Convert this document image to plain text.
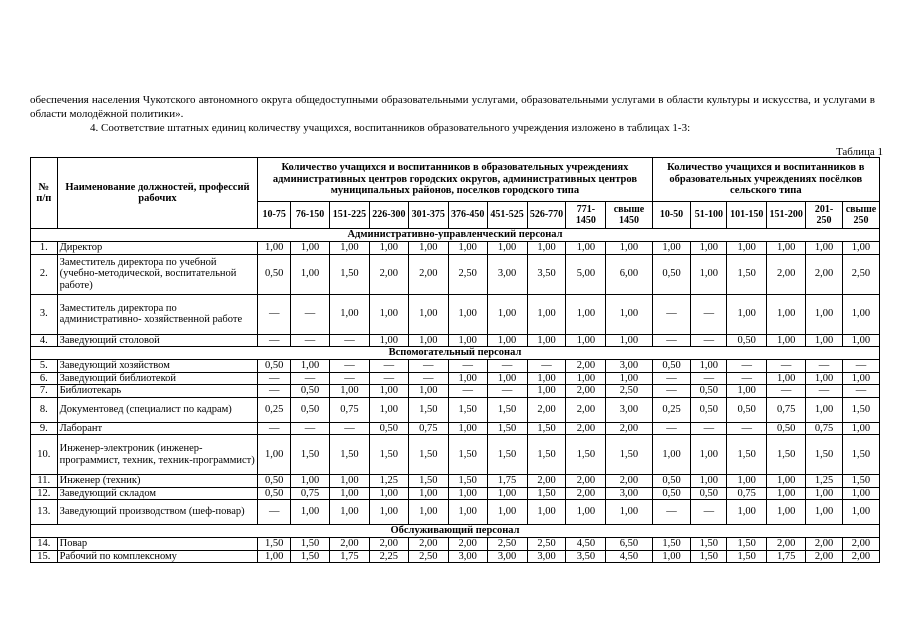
обеспечения населения Чукотского автономного округа общедоступными образовательными услугами, образовательными услугами в области культуры и искусства, и услугами в области молодёжной политики».

4. Соответствие штатных единиц количеству учащихся, воспитанников образовательного учреждения изложено в таблицах 1-3:

Таблица 1
№ п/п	Наименование должностей, профессий рабочих	Количество учащихся и воспитанников в образовательных учреждениях административных центров городских округов, административных центров муниципальных районов, поселков городского типа										Количество учащихся и воспитанников в образовательных учреждениях посёлков сельского типа					
		10-75	76-150	151-225	226-300	301-375	376-450	451-525	526-770	771-1450	свыше 1450	10-50	51-100	101-150	151-200	201-250	свыше 250
Административно-управленческий персонал																	
1.	Директор	1,00	1,00	1,00	1,00	1,00	1,00	1,00	1,00	1,00	1,00	1,00	1,00	1,00	1,00	1,00	1,00
2.	Заместитель директора по учебной (учебно-методической, воспитательной работе)	0,50	1,00	1,50	2,00	2,00	2,50	3,00	3,50	5,00	6,00	0,50	1,00	1,50	2,00	2,00	2,50
3.	Заместитель директора по административно- хозяйственной работе	—	—	1,00	1,00	1,00	1,00	1,00	1,00	1,00	1,00	—	—	1,00	1,00	1,00	1,00
4.	Заведующий столовой	—	—	—	1,00	1,00	1,00	1,00	1,00	1,00	1,00	—	—	0,50	1,00	1,00	1,00
Вспомогательный персонал																	
5.	Заведующий хозяйством	0,50	1,00	—	—	—	—	—	—	2,00	3,00	0,50	1,00	—	—	—	—
6.	Заведующий библиотекой	—	—	—	—	—	1,00	1,00	1,00	1,00	1,00	—	—	—	1,00	1,00	1,00
7.	Библиотекарь	—	0,50	1,00	1,00	1,00	—	—	1,00	2,00	2,50	—	0,50	1,00	—	—	—
8.	Документовед (специалист по кадрам)	0,25	0,50	0,75	1,00	1,50	1,50	1,50	2,00	2,00	3,00	0,25	0,50	0,50	0,75	1,00	1,50
9.	Лаборант	—	—	—	0,50	0,75	1,00	1,50	1,50	2,00	2,00	—	—	—	0,50	0,75	1,00
10.	Инженер-электроник (инженер-программист, техник, техник-программист)	1,00	1,50	1,50	1,50	1,50	1,50	1,50	1,50	1,50	1,50	1,00	1,00	1,50	1,50	1,50	1,50
11.	Инженер (техник)	0,50	1,00	1,00	1,25	1,50	1,50	1,75	2,00	2,00	2,00	0,50	1,00	1,00	1,00	1,25	1,50
12.	Заведующий складом	0,50	0,75	1,00	1,00	1,00	1,00	1,00	1,50	2,00	3,00	0,50	0,50	0,75	1,00	1,00	1,00
13.	Заведующий производством (шеф-повар)	—	1,00	1,00	1,00	1,00	1,00	1,00	1,00	1,00	1,00	—	—	1,00	1,00	1,00	1,00
Обслуживающий персонал																	
14.	Повар	1,50	1,50	2,00	2,00	2,00	2,00	2,50	2,50	4,50	6,50	1,50	1,50	1,50	2,00	2,00	2,00
15.	Рабочий по комплексному	1,00	1,50	1,75	2,25	2,50	3,00	3,00	3,00	3,50	4,50	1,00	1,50	1,50	1,75	2,00	2,00
